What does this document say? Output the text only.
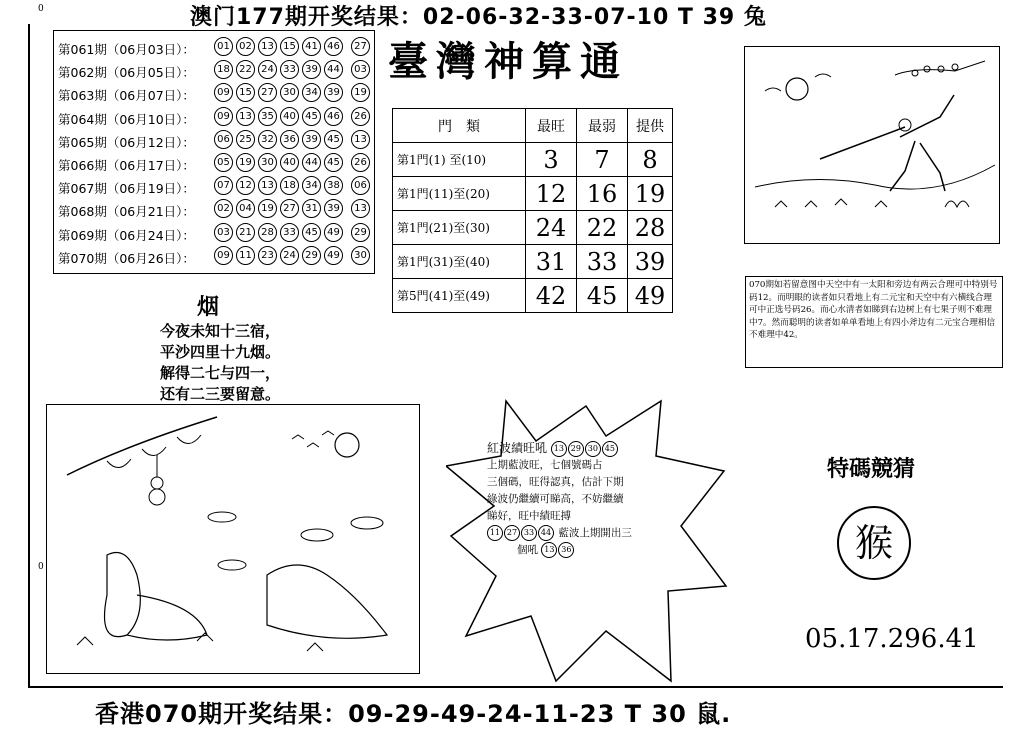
澳门177期开奖结果：02-06-32-33-07-10 T 39 兔
香港070期开奖结果：09-29-49-24-11-23 T 30 鼠.
0
0
第061期（06月03日）：	01 02 13 15 41 46	27
第062期（06月05日）：	18 22 24 33 39 44	03
第063期（06月07日）：	09 15 27 30 34 39	19
第064期（06月10日）：	09 13 35 40 45 46	26
第065期（06月12日）：	06 25 32 36 39 45	13
第066期（06月17日）：	05 19 30 40 44 45	26
第067期（06月19日）：	07 12 13 18 34 38	06
第068期（06月21日）：	02 04 19 27 31 39	13
第069期（06月24日）：	03 21 28 33 45 49	29
第070期（06月26日）：	09 11 23 24 29 49	30
臺灣神算通
門　類	最旺	最弱	提供
第1門(1) 至(10)	3	7	8
第1門(11)至(20)	12	16	19
第1門(21)至(30)	24	22	28
第1門(31)至(40)	31	33	39
第5門(41)至(49)	42	45	49
烟
今夜未知十三宿，
平沙四里十九烟。
解得二七与四一，
还有二三要留意。
070期如若留意图中天空中有一太阳和旁边有两云合理可中特别号码12。而明眼的读者如只看地上有二元宝和天空中有六横线合理可中正选号码26。而心水清者如睇到右边树上有七果子则不难理中7。然而聪明的读者如单单看地上有四小斧边有二元宝合理相信不难理中42。
紅波績旺吼 13 29 30 45
上期藍波旺，七個號碼占
三個碼，旺得認真，估計下期
綠波仍繼續可睇高，不妨繼續
睇好，旺中績旺搏
11 27 33 44 藍波上期開出三
個吼 13 36
特碼競猜
猴
05.17.296.41
